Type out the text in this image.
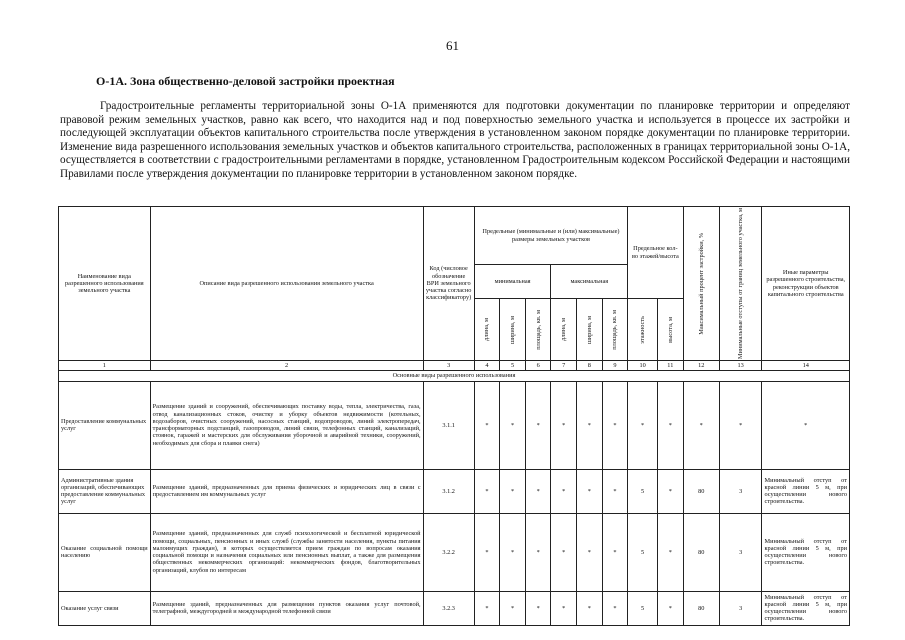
61
О-1А. Зона общественно-деловой застройки проектная
Градостроительные регламенты территориальной зоны О-1А применяются для подготовки документации по планировке территории и определяют правовой режим земельных участков, равно как всего, что находится над и под поверхностью земельного участка и используется в процессе их застройки и последующей эксплуатации объектов капитального строительства после утверждения в установленном законом порядке документации по планировке территории. Изменение вида разрешенного использования земельных участков и объектов капитального строительства, расположенных в границах территориальной зоны О-1А, осуществляется в соответствии с градостроительными регламентами в порядке, установленном Градостроительным кодексом Российской Федерации и настоящими Правилами после утверждения документации по планировке территории в установленном законом порядке.
Наименование вида разрешенного использования земельного участка	Описание вида разрешенного использования земельного участка	Код (числовое обозначение ВРИ земельного участка согласно классификатору)	Предельные (минимальные и (или) максимальные) размеры земельных участков						Предельное кол-во этажей/высота		Максимальный процент застройки, %	Минимальные отступы от границ земельного участка, м	Иные параметры разрешенного строительства, реконструкции объектов капитального строительства
			минимальная			максимальная							

			длина, м	ширина, м	площадь, кв. м	длина, м	ширина, м	площадь, кв. м	этажность	высота, м			

1	2	3	4	5	6	7	8	9	10	11	12	13	14
Основные виды разрешенного использования													
Предоставление коммунальных услуг	Размещение зданий и сооружений, обеспечивающих поставку воды, тепла, электричества, газа, отвод канализационных стоков, очистку и уборку объектов недвижимости (котельных, водозаборов, очистных сооружений, насосных станций, водопроводов, линий электропередач, трансформаторных подстанций, газопроводов, линий связи, телефонных станций, канализаций, стоянок, гаражей и мастерских для обслуживания уборочной и аварийной техники, сооружений, необходимых для сбора и плавки снега)	3.1.1	*	*	*	*	*	*	*	*	*	*	*
Административные здания организаций, обеспечивающих предоставление коммунальных услуг	Размещение зданий, предназначенных для приема физических и юридических лиц в связи с предоставлением им коммунальных услуг	3.1.2	*	*	*	*	*	*	5	*	80	3	Минимальный отступ от красной линии 5 м, при осуществлении нового строительства.
Оказание социальной помощи населению	Размещение зданий, предназначенных для служб психологической и бесплатной юридической помощи, социальных, пенсионных и иных служб (службы занятости населения, пункты питания малоимущих граждан), в которых осуществляется прием граждан по вопросам оказания социальной помощи и назначения социальных или пенсионных выплат, а также для размещения общественных некоммерческих организаций: некоммерческих фондов, благотворительных организаций, клубов по интересам	3.2.2	*	*	*	*	*	*	5	*	80	3	Минимальный отступ от красной линии 5 м, при осуществлении нового строительства.
Оказание услуг связи	Размещение зданий, предназначенных для размещения пунктов оказания услуг почтовой, телеграфной, междугородней и международной телефонной связи	3.2.3	*	*	*	*	*	*	5	*	80	3	Минимальный отступ от красной линии 5 м, при осуществлении нового строительства.
